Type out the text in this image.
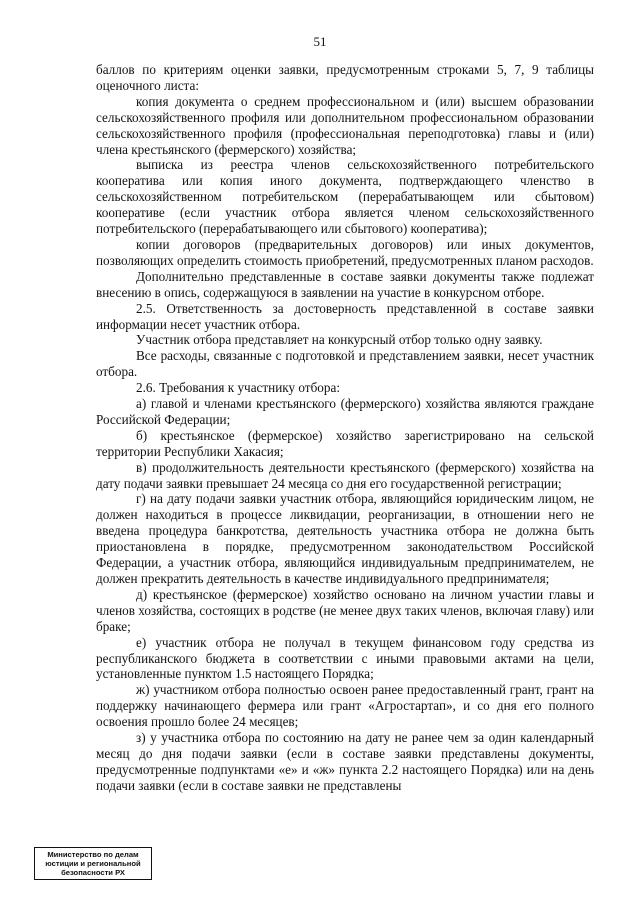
51

баллов по критериям оценки заявки, предусмотренным строками 5, 7, 9 таблицы оценочного листа:

копия документа о среднем профессиональном и (или) высшем образовании сельскохозяйственного профиля или дополнительном профессиональном образовании сельскохозяйственного профиля (профессиональная переподготовка) главы и (или) члена крестьянского (фермерского) хозяйства;

выписка из реестра членов сельскохозяйственного потребительского кооператива или копия иного документа, подтверждающего членство в сельскохозяйственном потребительском (перерабатывающем или сбытовом) кооперативе (если участник отбора является членом сельскохозяйственного потребительского (перерабатывающего или сбытового) кооператива);

копии договоров (предварительных договоров) или иных документов, позволяющих определить стоимость приобретений, предусмотренных планом расходов.

Дополнительно представленные в составе заявки документы также подлежат внесению в опись, содержащуюся в заявлении на участие в конкурсном отборе.

2.5. Ответственность за достоверность представленной в составе заявки информации несет участник отбора.

Участник отбора представляет на конкурсный отбор только одну заявку.

Все расходы, связанные с подготовкой и представлением заявки, несет участник отбора.

2.6. Требования к участнику отбора:

а) главой и членами крестьянского (фермерского) хозяйства являются граждане Российской Федерации;

б) крестьянское (фермерское) хозяйство зарегистрировано на сельской территории Республики Хакасия;

в) продолжительность деятельности крестьянского (фермерского) хозяйства на дату подачи заявки превышает 24 месяца со дня его государственной регистрации;

г) на дату подачи заявки участник отбора, являющийся юридическим лицом, не должен находиться в процессе ликвидации, реорганизации, в отношении него не введена процедура банкротства, деятельность участника отбора не должна быть приостановлена в порядке, предусмотренном законодательством Российской Федерации, а участник отбора, являющийся индивидуальным предпринимателем, не должен прекратить деятельность в качестве индивидуального предпринимателя;

д) крестьянское (фермерское) хозяйство основано на личном участии главы и членов хозяйства, состоящих в родстве (не менее двух таких членов, включая главу) или браке;

е) участник отбора не получал в текущем финансовом году средства из республиканского бюджета в соответствии с иными правовыми актами на цели, установленные пунктом 1.5 настоящего Порядка;

ж) участником отбора полностью освоен ранее предоставленный грант, грант на поддержку начинающего фермера или грант «Агростартап», и со дня его полного освоения прошло более 24 месяцев;

з) у участника отбора по состоянию на дату не ранее чем за один календарный месяц до дня подачи заявки (если в составе заявки представлены документы, предусмотренные подпунктами «е» и «ж» пункта 2.2 настоящего Порядка) или на день подачи заявки (если в составе заявки не представлены

Министерство по делам
юстиции и региональной
безопасности РХ
